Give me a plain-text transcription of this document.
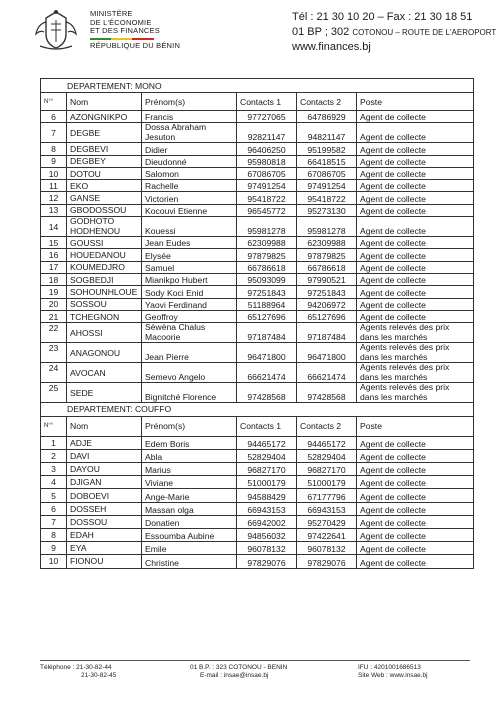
MINISTÈRE
DE L'ÉCONOMIE
ET DES FINANCES
RÉPUBLIQUE DU BÉNIN
Tél : 21 30 10 20 – Fax : 21 30 18 51
01 BP ; 302 COTONOU – ROUTE DE L'AEROPORT
www.finances.bj
DEPARTEMENT: MONO					
N°°	Nom	Prénom(s)	Contacts 1	Contacts 2	Poste
6	AZONGNIKPO	Francis	97727065	64786929	Agent de collecte
7	DEGBE	Dossa Abraham Jesuton	92821147	94821147	Agent de collecte
8	DEGBEVI	Didier	96406250	95199582	Agent de collecte
9	DEGBEY	Dieudonné	95980818	66418515	Agent de collecte
10	DOTOU	Salomon	67086705	67086705	Agent de collecte
11	EKO	Rachelle	97491254	97491254	Agent de collecte
12	GANSE	Victorien	95418722	95418722	Agent de collecte
13	GBODOSSOU	Kocouvi Etienne	96545772	95273130	Agent de collecte
14	GODHOTO HODHENOU	Kouessi	95981278	95981278	Agent de collecte
15	GOUSSI	Jean Eudes	62309988	62309988	Agent de collecte
16	HOUEDANOU	Elysée	97879825	97879825	Agent de collecte
17	KOUMEDJRO	Samuel	66786618	66786618	Agent de collecte
18	SOGBEDJI	Mianikpo Hubert	95093099	97990521	Agent de collecte
19	SOHOUNHLOUE	Sody Koci Enid	97251843	97251843	Agent de collecte
20	SOSSOU	Yaovi Ferdinand	51188964	94206972	Agent de collecte
21	TCHEGNON	Geoffroy	65127696	65127696	Agent de collecte
22	AHOSSI	Sèwèna Chalus Macoorie	97187484	97187484	Agents relevés des prix dans les marchés
23	ANAGONOU	Jean Pierre	96471800	96471800	Agents relevés des prix dans les marchés
24	AVOCAN	Semevo Angelo	66621474	66621474	Agents relevés des prix dans les marchés
25	SEDE	Bignitché Florence	97428568	97428568	Agents relevés des prix dans les marchés
DEPARTEMENT: COUFFO					
N°°	Nom	Prénom(s)	Contacts 1	Contacts 2	Poste
1	ADJE	Edem Boris	94465172	94465172	Agent de collecte
2	DAVI	Abla	52829404	52829404	Agent de collecte
3	DAYOU	Marius	96827170	96827170	Agent de collecte
4	DJIGAN	Viviane	51000179	51000179	Agent de collecte
5	DOBOEVI	Ange-Marie	94588429	67177796	Agent de collecte
6	DOSSEH	Massan olga	66943153	66943153	Agent de collecte
7	DOSSOU	Donatien	66942002	95270429	Agent de collecte
8	EDAH	Essoumba Aubine	94856032	97422641	Agent de collecte
9	EYA	Emile	96078132	96078132	Agent de collecte
10	FIONOU	Christine	97829076	97829076	Agent de collecte
Téléphone : 21-30-82-44
21-30-82-45
01 B.P. : 323 COTONOU - BENIN
E-mail : insae@insae.bj
IFU : 4201001686513
Site Web : www.insae.bj
